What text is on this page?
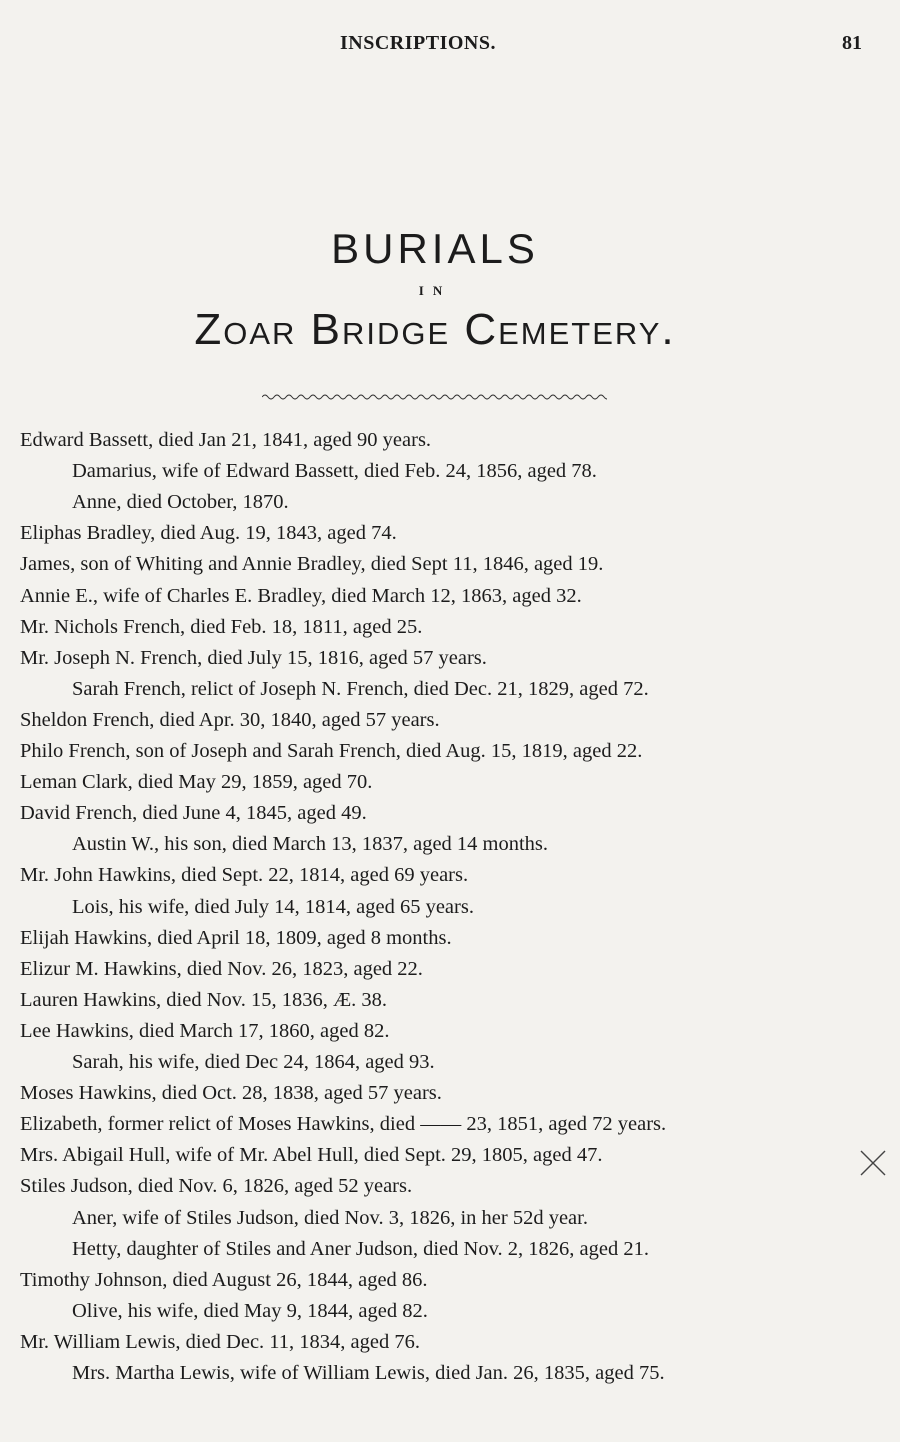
INSCRIPTIONS.	81
BURIALS
IN
Zoar Bridge Cemetery.
Edward Bassett, died Jan 21, 1841, aged 90 years.
Damarius, wife of Edward Bassett, died Feb. 24, 1856, aged 78.
Anne, died October, 1870.
Eliphas Bradley, died Aug. 19, 1843, aged 74.
James, son of Whiting and Annie Bradley, died Sept 11, 1846, aged 19.
Annie E., wife of Charles E. Bradley, died March 12, 1863, aged 32.
Mr. Nichols French, died Feb. 18, 1811, aged 25.
Mr. Joseph N. French, died July 15, 1816, aged 57 years.
Sarah French, relict of Joseph N. French, died Dec. 21, 1829, aged 72.
Sheldon French, died Apr. 30, 1840, aged 57 years.
Philo French, son of Joseph and Sarah French, died Aug. 15, 1819, aged 22.
Leman Clark, died May 29, 1859, aged 70.
David French, died June 4, 1845, aged 49.
Austin W., his son, died March 13, 1837, aged 14 months.
Mr. John Hawkins, died Sept. 22, 1814, aged 69 years.
Lois, his wife, died July 14, 1814, aged 65 years.
Elijah Hawkins, died April 18, 1809, aged 8 months.
Elizur M. Hawkins, died Nov. 26, 1823, aged 22.
Lauren Hawkins, died Nov. 15, 1836, Æ. 38.
Lee Hawkins, died March 17, 1860, aged 82.
Sarah, his wife, died Dec 24, 1864, aged 93.
Moses Hawkins, died Oct. 28, 1838, aged 57 years.
Elizabeth, former relict of Moses Hawkins, died —— 23, 1851, aged 72 years.
Mrs. Abigail Hull, wife of Mr. Abel Hull, died Sept. 29, 1805, aged 47.
Stiles Judson, died Nov. 6, 1826, aged 52 years.
Aner, wife of Stiles Judson, died Nov. 3, 1826, in her 52d year.
Hetty, daughter of Stiles and Aner Judson, died Nov. 2, 1826, aged 21.
Timothy Johnson, died August 26, 1844, aged 86.
Olive, his wife, died May 9, 1844, aged 82.
Mr. William Lewis, died Dec. 11, 1834, aged 76.
Mrs. Martha Lewis, wife of William Lewis, died Jan. 26, 1835, aged 75.
